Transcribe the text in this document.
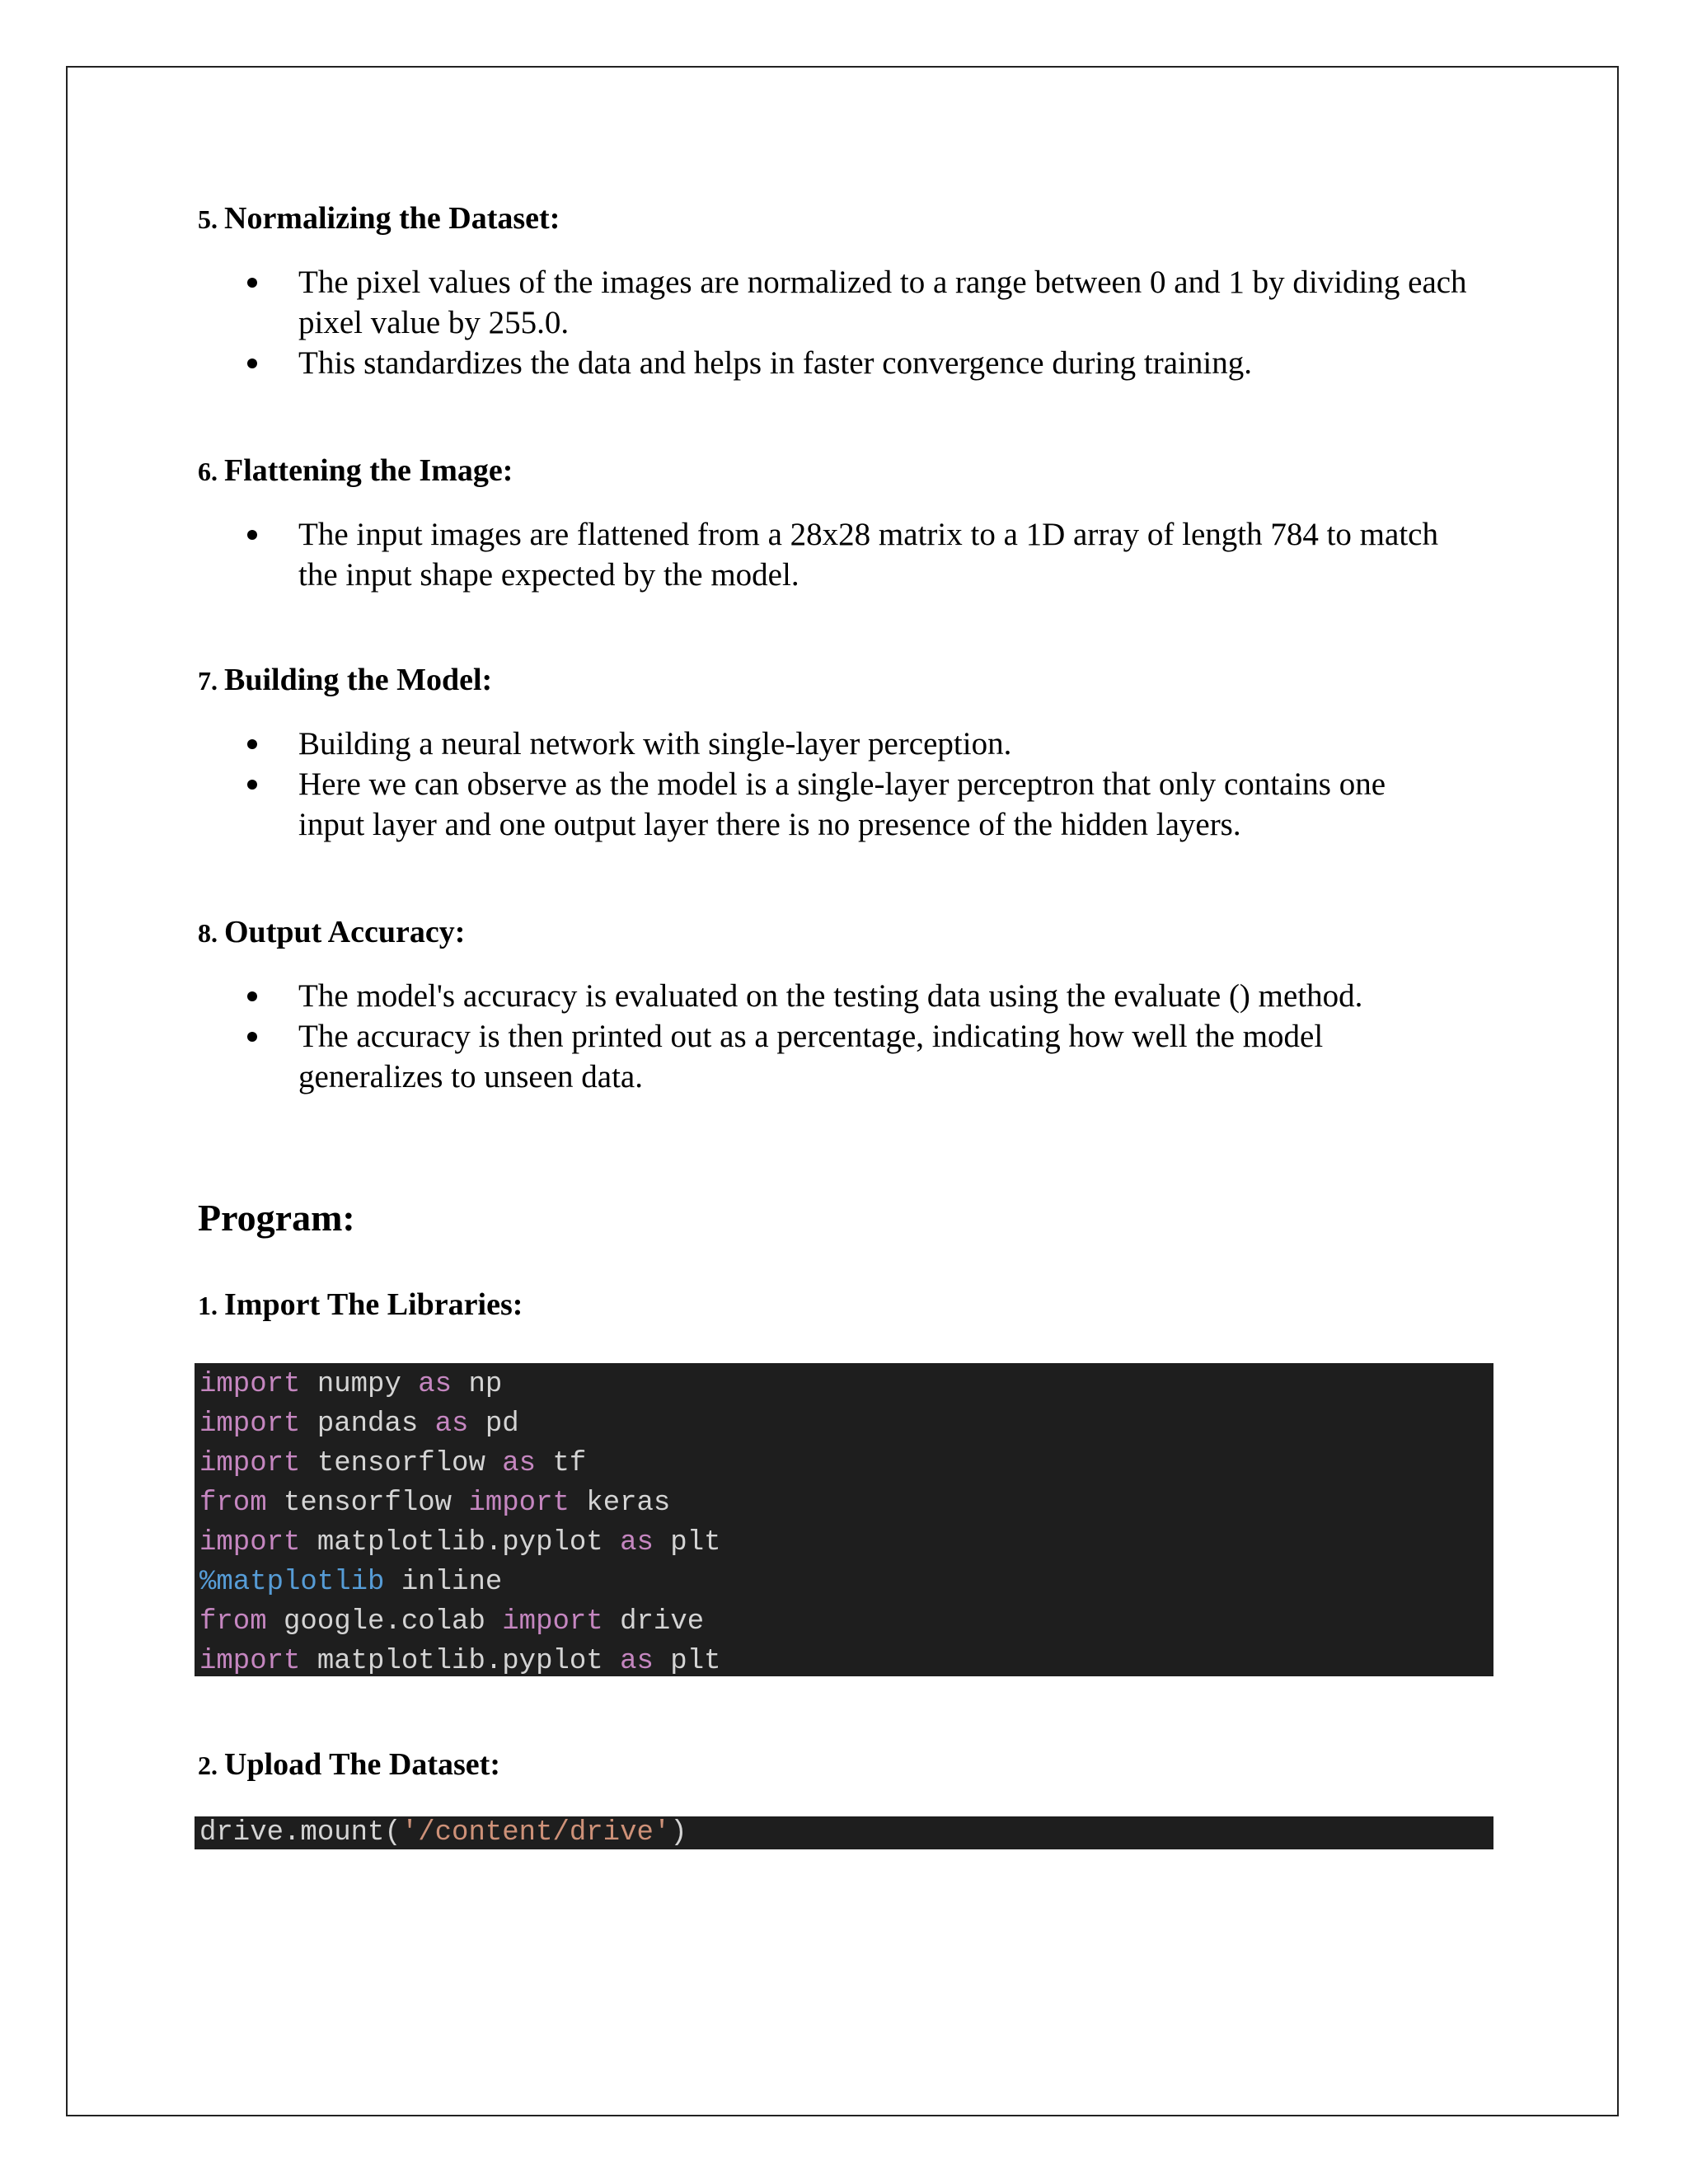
5. Normalizing the Dataset:
The pixel values of the images are normalized to a range between 0 and 1 by dividing each pixel value by 255.0.
This standardizes the data and helps in faster convergence during training.
6. Flattening the Image:
The input images are flattened from a 28x28 matrix to a 1D array of length 784 to match the input shape expected by the model.
7. Building the Model:
Building a neural network with single-layer perception.
Here we can observe as the model is a single-layer perceptron that only contains one input layer and one output layer there is no presence of the hidden layers.
8. Output Accuracy:
The model's accuracy is evaluated on the testing data using the evaluate () method.
The accuracy is then printed out as a percentage, indicating how well the model generalizes to unseen data.
Program:
1. Import The Libraries:
import numpy as np
import pandas as pd
import tensorflow as tf
from tensorflow import keras
import matplotlib.pyplot as plt
%matplotlib inline
from google.colab import drive
import matplotlib.pyplot as plt
2. Upload The Dataset:
drive.mount('/content/drive')
